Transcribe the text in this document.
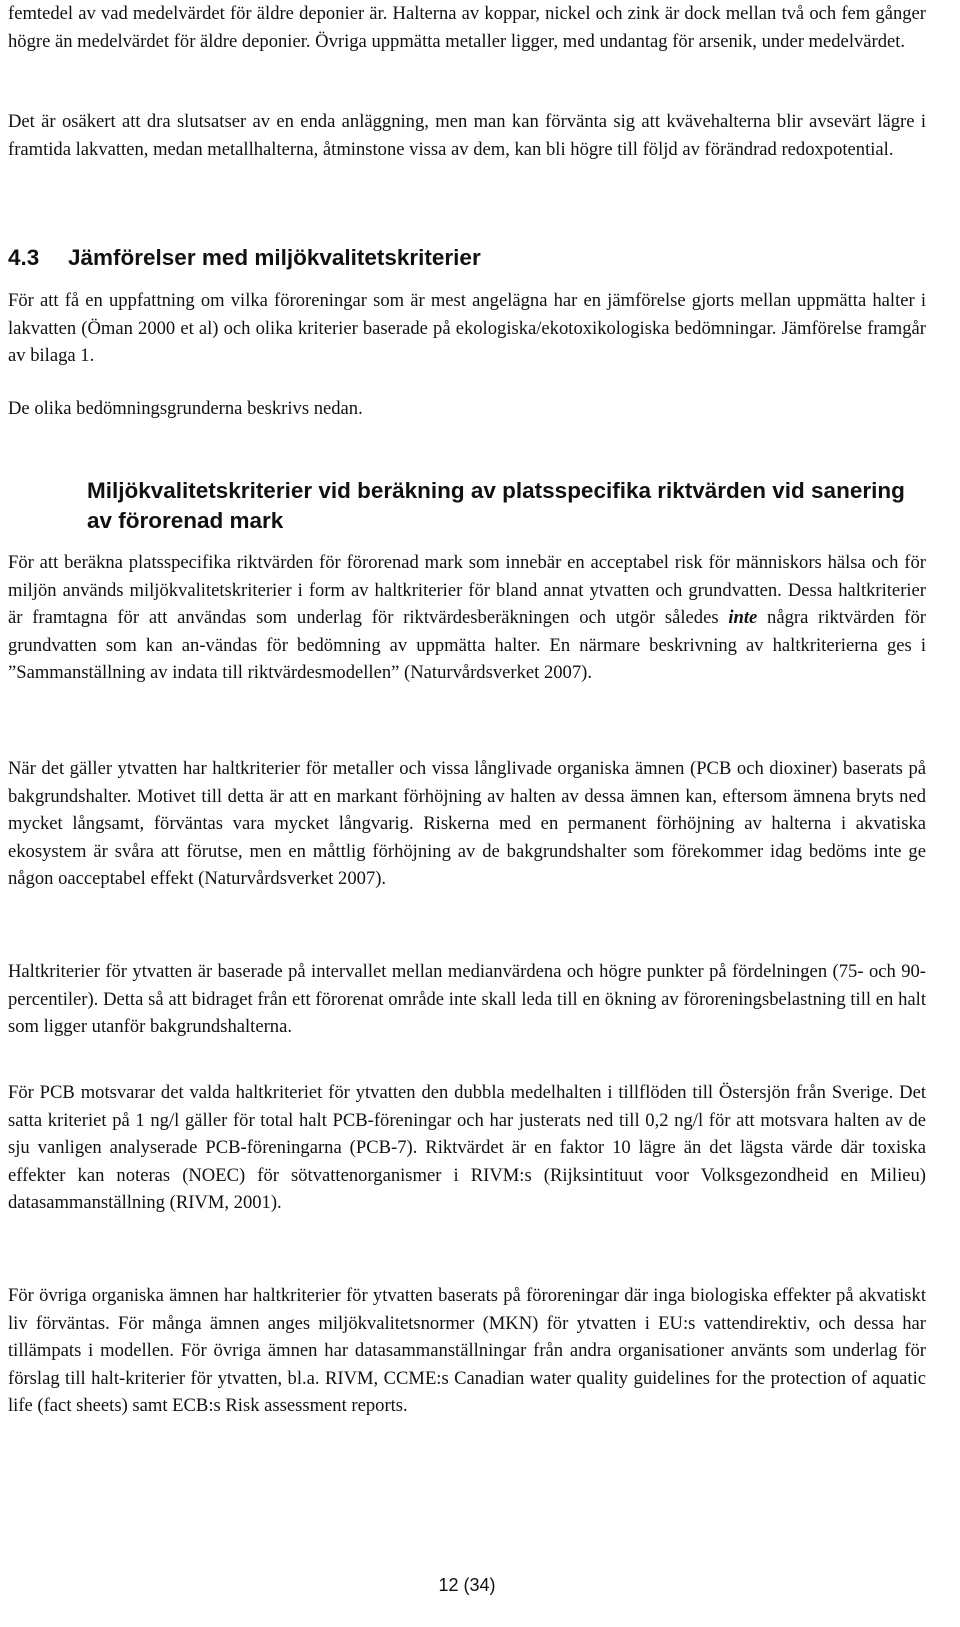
femtedel av vad medelvärdet för äldre deponier är. Halterna av koppar, nickel och zink är dock mellan två och fem gånger högre än medelvärdet för äldre deponier. Övriga uppmätta metaller ligger, med undantag för arsenik, under medelvärdet.

Det är osäkert att dra slutsatser av en enda anläggning, men man kan förvänta sig att kvävehalterna blir avsevärt lägre i framtida lakvatten, medan metallhalterna, åtminstone vissa av dem, kan bli högre till följd av förändrad redoxpotential.

4.3 Jämförelser med miljökvalitetskriterier

För att få en uppfattning om vilka föroreningar som är mest angelägna har en jämförelse gjorts mellan uppmätta halter i lakvatten (Öman 2000 et al) och olika kriterier baserade på ekologiska/ekotoxikologiska bedömningar. Jämförelse framgår av bilaga 1.

De olika bedömningsgrunderna beskrivs nedan.

Miljökvalitetskriterier vid beräkning av platsspecifika riktvärden vid sanering av förorenad mark

För att beräkna platsspecifika riktvärden för förorenad mark som innebär en acceptabel risk för människors hälsa och för miljön används miljökvalitetskriterier i form av haltkriterier för bland annat ytvatten och grundvatten. Dessa haltkriterier är framtagna för att användas som underlag för riktvärdesberäkningen och utgör således inte några riktvärden för grundvatten som kan an-vändas för bedömning av uppmätta halter. En närmare beskrivning av haltkriterierna ges i ”Sammanställning av indata till riktvärdesmodellen” (Naturvårdsverket 2007).

När det gäller ytvatten har haltkriterier för metaller och vissa långlivade organiska ämnen (PCB och dioxiner) baserats på bakgrundshalter. Motivet till detta är att en markant förhöjning av halten av dessa ämnen kan, eftersom ämnena bryts ned mycket långsamt, förväntas vara mycket långvarig. Riskerna med en permanent förhöjning av halterna i akvatiska ekosystem är svåra att förutse, men en måttlig förhöjning av de bakgrundshalter som förekommer idag bedöms inte ge någon oacceptabel effekt (Naturvårdsverket 2007).

Haltkriterier för ytvatten är baserade på intervallet mellan medianvärdena och högre punkter på fördelningen (75- och 90-percentiler). Detta så att bidraget från ett förorenat område inte skall leda till en ökning av föroreningsbelastning till en halt som ligger utanför bakgrundshalterna.

För PCB motsvarar det valda haltkriteriet för ytvatten den dubbla medelhalten i tillflöden till Östersjön från Sverige. Det satta kriteriet på 1 ng/l gäller för total halt PCB-föreningar och har justerats ned till 0,2 ng/l för att motsvara halten av de sju vanligen analyserade PCB-föreningarna (PCB-7). Riktvärdet är en faktor 10 lägre än det lägsta värde där toxiska effekter kan noteras (NOEC) för sötvattenorganismer i RIVM:s (Rijksintituut voor Volksgezondheid en Milieu) datasammanställning (RIVM, 2001).

För övriga organiska ämnen har haltkriterier för ytvatten baserats på föroreningar där inga biologiska effekter på akvatiskt liv förväntas. För många ämnen anges miljökvalitetsnormer (MKN) för ytvatten i EU:s vattendirektiv, och dessa har tillämpats i modellen. För övriga ämnen har datasammanställningar från andra organisationer använts som underlag för förslag till halt-kriterier för ytvatten, bl.a. RIVM, CCME:s Canadian water quality guidelines for the protection of aquatic life (fact sheets) samt ECB:s Risk assessment reports.

12 (34)
